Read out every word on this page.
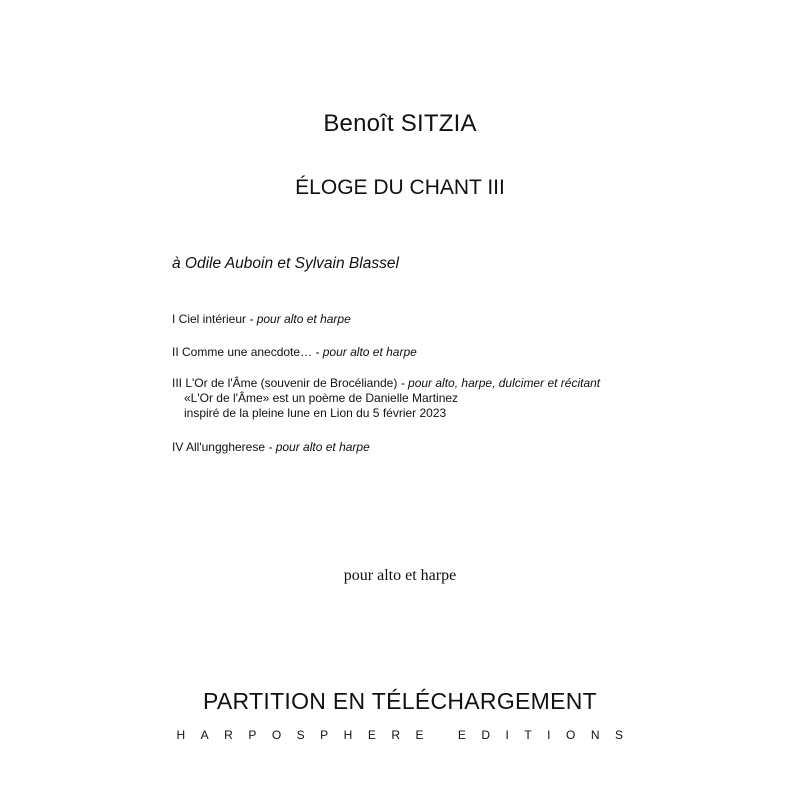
Benoît SITZIA
ÉLOGE DU CHANT III
à Odile Auboin et Sylvain Blassel

I Ciel intérieur - pour alto et harpe

II Comme une anecdote… - pour alto et harpe

III L'Or de l'Âme (souvenir de Brocéliande) - pour alto, harpe, dulcimer et récitant

«L'Or de l'Âme» est un poème de Danielle Martinez inspiré de la pleine lune en Lion du 5 février 2023

IV All'unggherese - pour alto et harpe

pour alto et harpe
PARTITION EN TÉLÉCHARGEMENT
HARPOSPHERE EDITIONS
